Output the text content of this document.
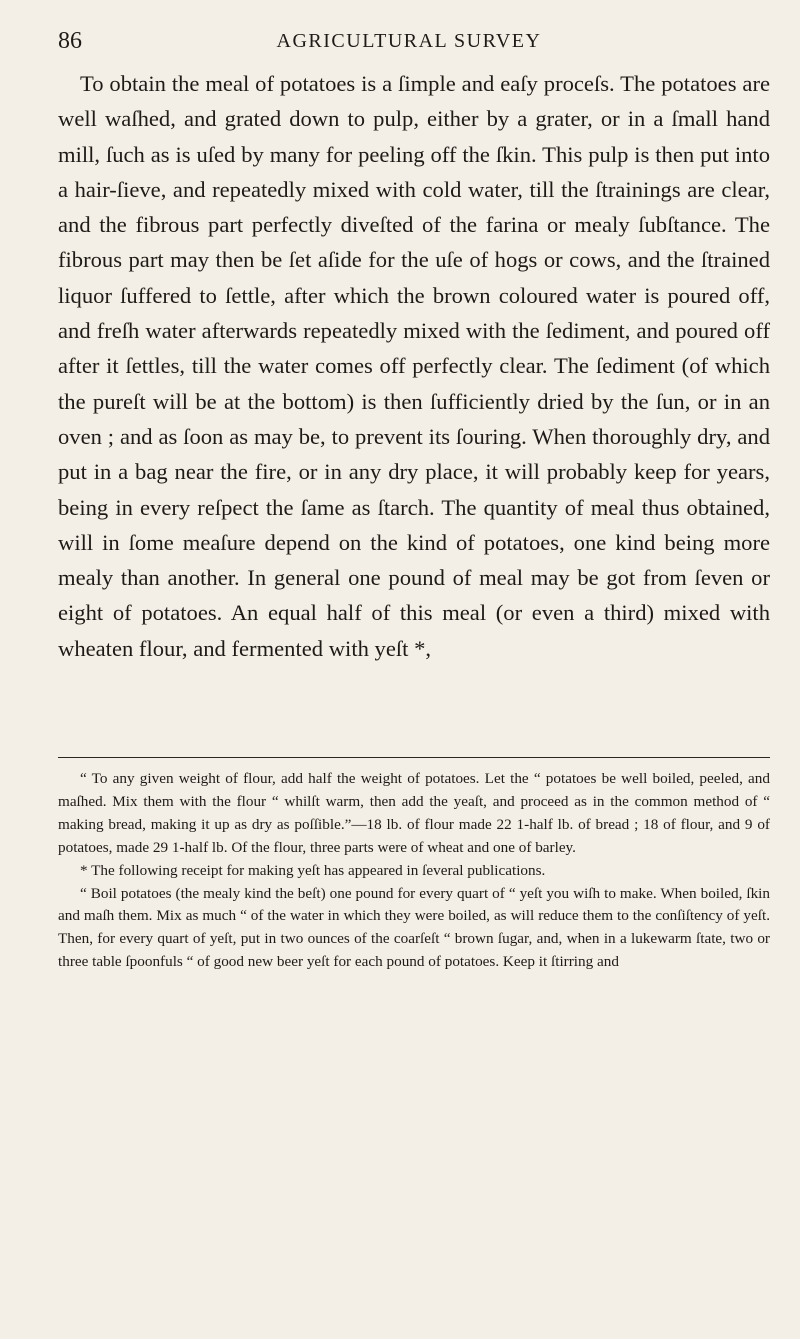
86	AGRICULTURAL SURVEY

To obtain the meal of potatoes is a ſimple and eaſy proceſs. The potatoes are well waſhed, and grated down to pulp, either by a grater, or in a ſmall hand mill, ſuch as is uſed by many for peeling off the ſkin. This pulp is then put into a hair-ſieve, and repeatedly mixed with cold water, till the ſtrainings are clear, and the fibrous part perfectly diveſted of the farina or mealy ſubſtance. The fibrous part may then be ſet aſide for the uſe of hogs or cows, and the ſtrained liquor ſuffered to ſettle, after which the brown coloured water is poured off, and freſh water afterwards repeatedly mixed with the ſediment, and poured off after it ſettles, till the water comes off perfectly clear. The ſediment (of which the pureſt will be at the bottom) is then ſufficiently dried by the ſun, or in an oven ; and as ſoon as may be, to prevent its ſouring. When thoroughly dry, and put in a bag near the fire, or in any dry place, it will probably keep for years, being in every reſpect the ſame as ſtarch. The quantity of meal thus obtained, will in ſome meaſure depend on the kind of potatoes, one kind being more mealy than another. In general one pound of meal may be got from ſeven or eight of potatoes. An equal half of this meal (or even a third) mixed with wheaten flour, and fermented with yeſt *,

“ To any given weight of flour, add half the weight of potatoes. Let the “ potatoes be well boiled, peeled, and maſhed. Mix them with the flour “ whilſt warm, then add the yeaſt, and proceed as in the common method of “ making bread, making it up as dry as poſſible.”—18 lb. of flour made 22 1-half lb. of bread ; 18 of flour, and 9 of potatoes, made 29 1-half lb. Of the flour, three parts were of wheat and one of barley.

* The following receipt for making yeſt has appeared in ſeveral publications.

“ Boil potatoes (the mealy kind the beſt) one pound for every quart of “ yeſt you wiſh to make. When boiled, ſkin and maſh them. Mix as much “ of the water in which they were boiled, as will reduce them to the conſiſtency of yeſt. Then, for every quart of yeſt, put in two ounces of the coarſeſt “ brown ſugar, and, when in a lukewarm ſtate, two or three table ſpoonfuls “ of good new beer yeſt for each pound of potatoes. Keep it ſtirring and
